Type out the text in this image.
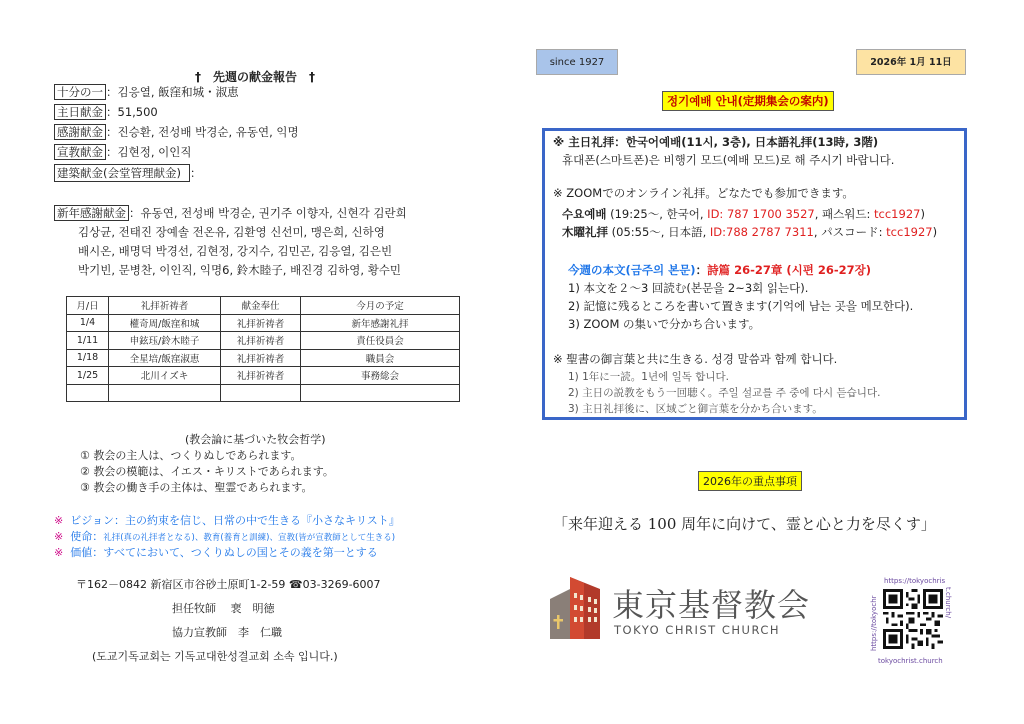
†　先週の献金報告　†
十分の一 ：김응열, 飯窪和城・淑恵
主日献金 ：51,500
感謝献金 ：진승환, 전성배 박경순, 유동연, 익명
宣教献金 ：김현정, 이인직
建築献金(会堂管理献金) ：
新年感謝献金 ：유동연, 전성배 박경순, 권기주 이향자, 신현각 김란희
김상균, 전태진 장예솔 전온유, 김환영 신선미, 맹은희, 신하영
배시온, 배명덕 박경선, 김현정, 강지수, 김민곤, 김응열, 김은빈
박기빈, 문병찬, 이인직, 익명6, 鈴木睦子, 배진경 김하영, 황수민
月/日	礼拝祈祷者	献金奉仕	今月の予定
1/4	權奇周/飯窪和城	礼拝祈祷者	新年感謝礼拝
1/11	申鉉珏/鈴木睦子	礼拝祈祷者	責任役員会
1/18	全星培/飯窪淑恵	礼拝祈祷者	職員会
1/25	北川イズキ	礼拝祈祷者	事務総会

(教会論に基づいた牧会哲学)
① 教会の主人は、つくりぬしであられます。
② 教会の模範は、イエス・キリストであられます。
③ 教会の働き手の主体は、聖霊であられます。
※ ビジョン：主の約束を信じ、日常の中で生きる『小さなキリスト』
※ 使命：礼拝(真の礼拝者となる)、教育(養育と訓練)、宣教(皆が宣教師として生きる)
※ 価値：すべてにおいて、つくりぬしの国とその義を第一とする
〒162－0842 新宿区市谷砂土原町1-2-59 ☎03-3269-6007
担任牧師　 裵　明徳
協力宣教師　李　仁職
(도교기독교회는 기독교대한성결교회 소속 입니다.)
since 1927	2026年 1月 11日
정기예배 안내(定期集会の案内)
※ 主日礼拝：한국어예배(11시, 3층), 日本語礼拝(13時, 3階)
휴대폰(스마트폰)은 비행기 모드(예배 모드)로 해 주시기 바랍니다.
※ ZOOMでのオンライン礼拝。どなたでも参加できます。
수요예배 (19:25～, 한국어, ID: 787 1700 3527, 패스워드: tcc1927)
木曜礼拝 (05:55～, 日本語, ID:788 2787 7311, パスコード: tcc1927)
今週の本文(금주의 본문)：詩篇 26-27章 (시편 26-27장)
1) 本文を２～3 回読む(본문을 2~3회 읽는다).
2) 記憶に残るところを書いて置きます(기억에 남는 곳을 메모한다).
3) ZOOM の集いで分かち合います。
※ 聖書の御言葉と共に生きる. 성경 말씀과 함께 합니다.
1) 1年に一読。1년에 일독 합니다.
2) 主日の説教をもう一回聴く。주일 설교를 주 중에 다시 듣습니다.
3) 主日礼拝後に、区域ごと御言葉を分かち合います。
2026年の重点事項
「来年迎える 100 周年に向けて、霊と心と力を尽くす」
東京基督教会
TOKYO CHRIST CHURCH
https://tokyochris
t.church/
https://tokyochr
tokyochrist.church
